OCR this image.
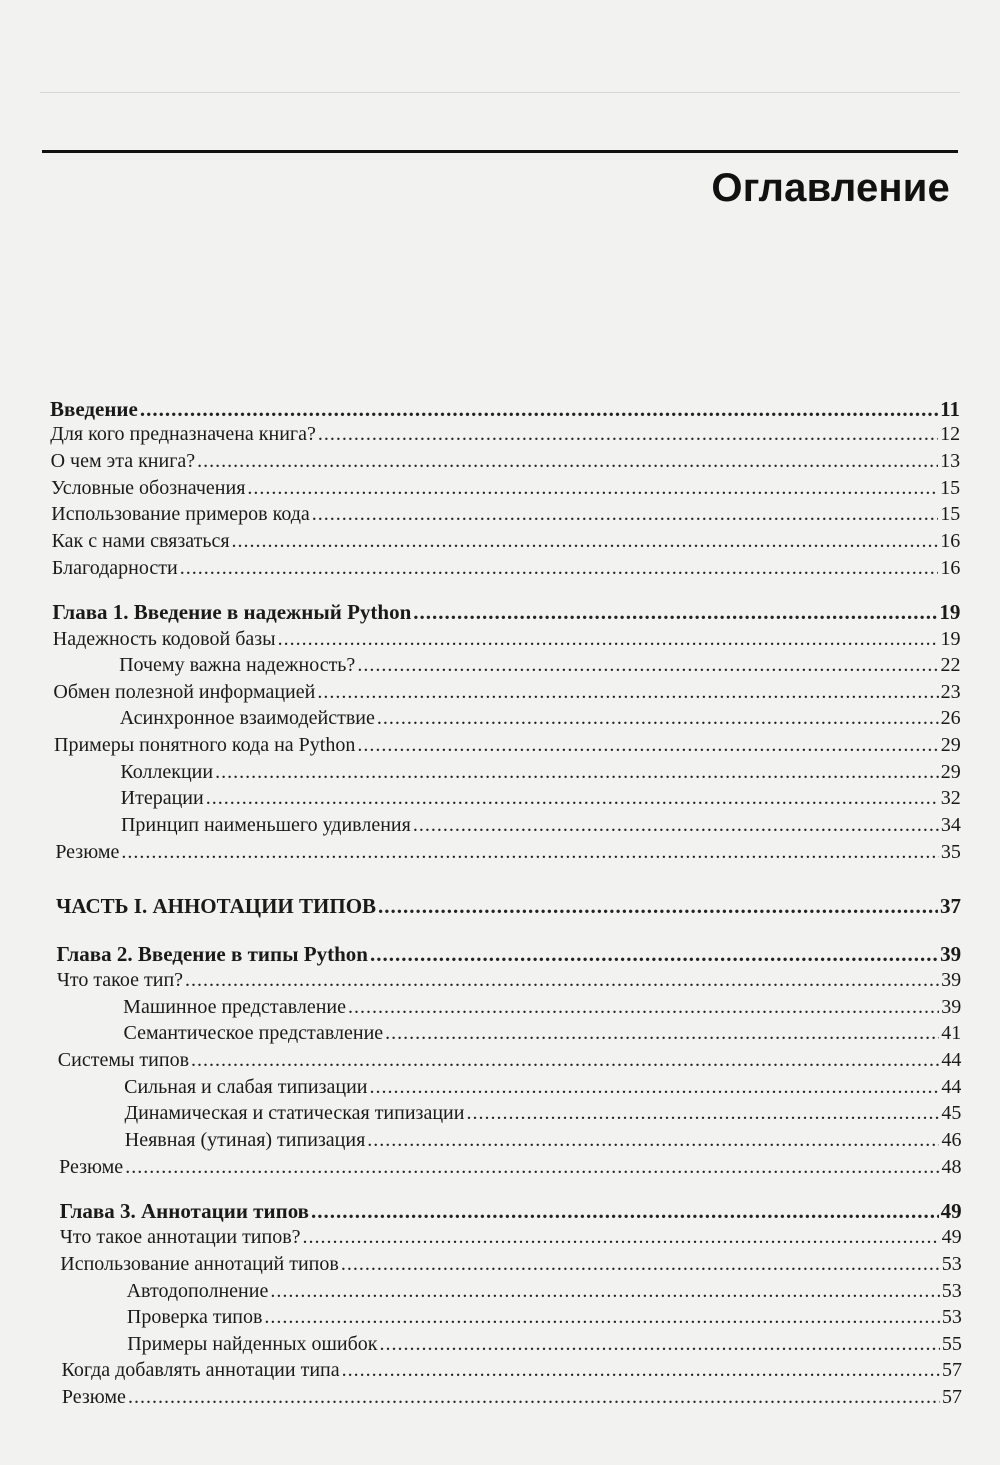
Оглавление
Введение .....	11
Для кого предназначена книга? .....	12
О чем эта книга? .....	13
Условные обозначения .....	15
Использование примеров кода .....	15
Как с нами связаться .....	16
Благодарности .....	16
Глава 1. Введение в надежный Python .....	19
Надежность кодовой базы .....	19
Почему важна надежность? .....	22
Обмен полезной информацией .....	23
Асинхронное взаимодействие .....	26
Примеры понятного кода на Python .....	29
Коллекции .....	29
Итерации .....	32
Принцип наименьшего удивления .....	34
Резюме .....	35
ЧАСТЬ I. АННОТАЦИИ ТИПОВ .....	37
Глава 2. Введение в типы Python .....	39
Что такое тип? .....	39
Машинное представление .....	39
Семантическое представление .....	41
Системы типов .....	44
Сильная и слабая типизации .....	44
Динамическая и статическая типизации .....	45
Неявная (утиная) типизация .....	46
Резюме .....	48
Глава 3. Аннотации типов .....	49
Что такое аннотации типов? .....	49
Использование аннотаций типов .....	53
Автодополнение .....	53
Проверка типов .....	53
Примеры найденных ошибок .....	55
Когда добавлять аннотации типа .....	57
Резюме .....	57
